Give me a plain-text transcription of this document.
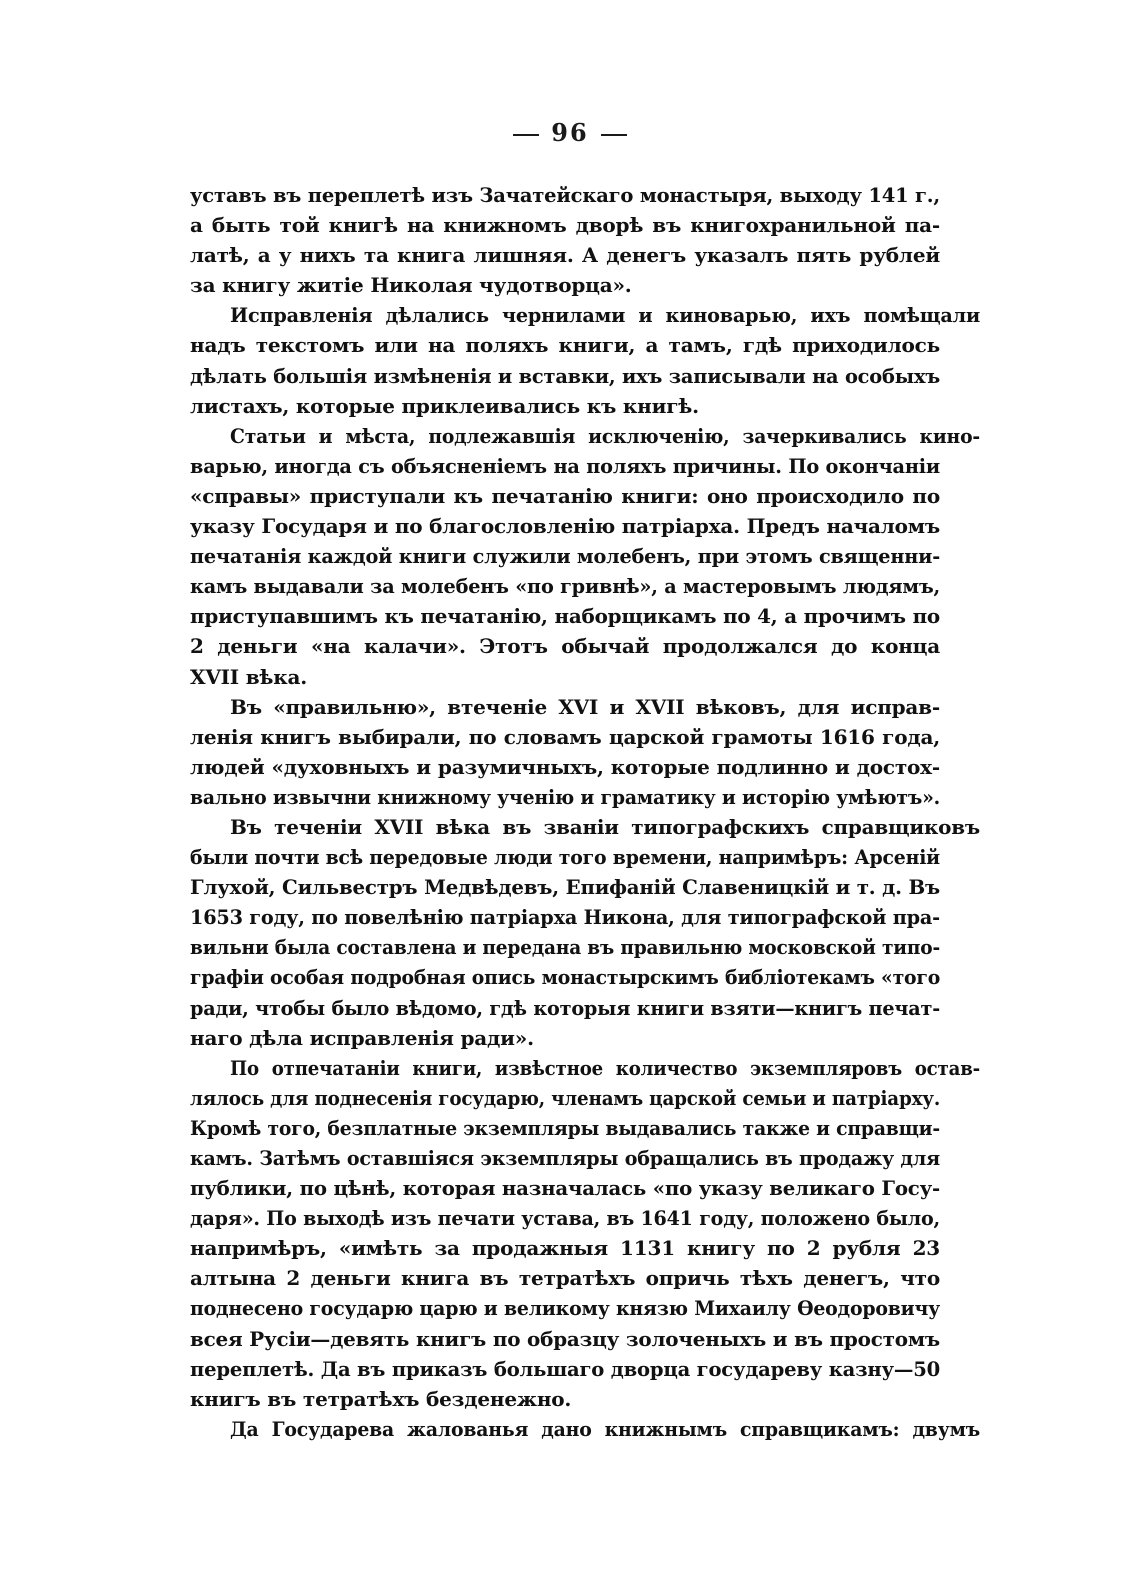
96
уставъ въ переплетѣ изъ Зачатейскаго монастыря, выходу 141 г.,
а быть той книгѣ на книжномъ дворѣ въ книгохранильной па-
латѣ, а у нихъ та книга лишняя. А денегъ указалъ пять рублей
за книгу житіе Николая чудотворца».
Исправленія дѣлались чернилами и киноварью, ихъ помѣщали
надъ текстомъ или на поляхъ книги, а тамъ, гдѣ приходилось
дѣлать большія измѣненія и вставки, ихъ записывали на особыхъ
листахъ, которые приклеивались къ книгѣ.
Статьи и мѣста, подлежавшія исключенію, зачеркивались кино-
варью, иногда съ объясненіемъ на поляхъ причины. По окончаніи
«справы» приступали къ печатанію книги: оно происходило по
указу Государя и по благословленію патріарха. Предъ началомъ
печатанія каждой книги служили молебенъ, при этомъ священни-
камъ выдавали за молебенъ «по гривнѣ», а мастеровымъ людямъ,
приступавшимъ къ печатанію, наборщикамъ по 4, а прочимъ по
2 деньги «на калачи». Этотъ обычай продолжался до конца
XVII вѣка.
Въ «правильню», втеченіе XVI и XVII вѣковъ, для исправ-
ленія книгъ выбирали, по словамъ царской грамоты 1616 года,
людей «духовныхъ и разумичныхъ, которые подлинно и достох-
вально извычни книжному ученію и граматику и исторію умѣютъ».
Въ теченіи XVII вѣка въ званіи типографскихъ справщиковъ
были почти всѣ передовые люди того времени, напримѣръ: Арсеній
Глухой, Сильвестръ Медвѣдевъ, Епифаній Славеницкій и т. д. Въ
1653 году, по повелѣнію патріарха Никона, для типографской пра-
вильни была составлена и передана въ правильню московской типо-
графіи особая подробная опись монастырскимъ библіотекамъ «того
ради, чтобы было вѣдомо, гдѣ которыя книги взяти—книгъ печат-
наго дѣла исправленія ради».
По отпечатаніи книги, извѣстное количество экземпляровъ остав-
лялось для поднесенія государю, членамъ царской семьи и патріарху.
Кромѣ того, безплатные экземпляры выдавались также и справщи-
камъ. Затѣмъ оставшіяся экземпляры обращались въ продажу для
публики, по цѣнѣ, которая назначалась «по указу великаго Госу-
даря». По выходѣ изъ печати устава, въ 1641 году, положено было,
напримѣръ, «имѣть за продажныя 1131 книгу по 2 рубля 23
алтына 2 деньги книга въ тетратѣхъ опричь тѣхъ денегъ, что
поднесено государю царю и великому князю Михаилу Ѳеодоровичу
всея Русіи—девять книгъ по образцу золоченыхъ и въ простомъ
переплетѣ. Да въ приказъ большаго дворца государеву казну—50
книгъ въ тетратѣхъ безденежно.
Да Государева жалованья дано книжнымъ справщикамъ: двумъ
